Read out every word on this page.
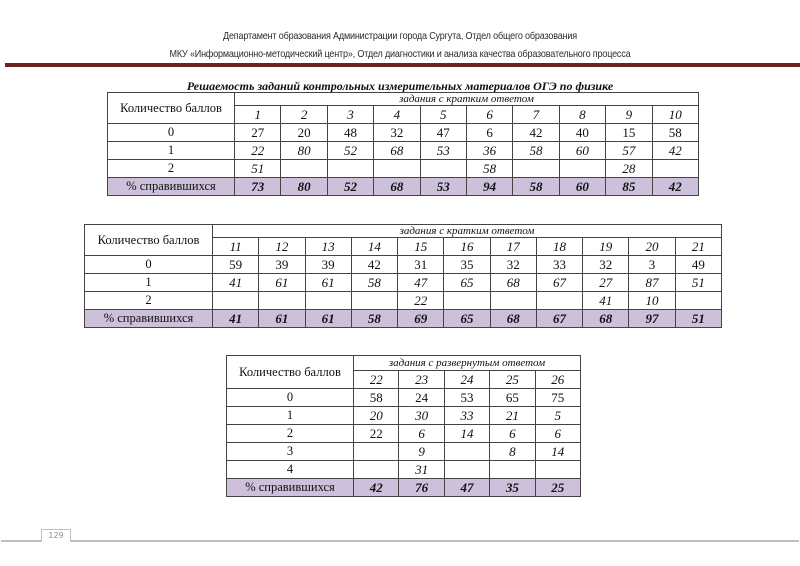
Департамент образования Администрации города Сургута, Отдел общего образования
МКУ «Информационно-методический центр», Отдел диагностики и анализа качества образовательного процесса
Решаемость заданий контрольных измерительных материалов ОГЭ по физике
Количество баллов	задания с кратким ответом									
	1	2	3	4	5	6	7	8	9	10
0	27	20	48	32	47	6	42	40	15	58
1	22	80	52	68	53	36	58	60	57	42
2	51					58			28	
% справившихся	73	80	52	68	53	94	58	60	85	42
Количество баллов	задания с кратким ответом										
	11	12	13	14	15	16	17	18	19	20	21
0	59	39	39	42	31	35	32	33	32	3	49
1	41	61	61	58	47	65	68	67	27	87	51
2					22				41	10	
% справившихся	41	61	61	58	69	65	68	67	68	97	51
Количество баллов	задания с развернутым ответом				
	22	23	24	25	26
0	58	24	53	65	75
1	20	30	33	21	5
2	22	6	14	6	6
3		9		8	14
4		31			
% справившихся	42	76	47	35	25
129
